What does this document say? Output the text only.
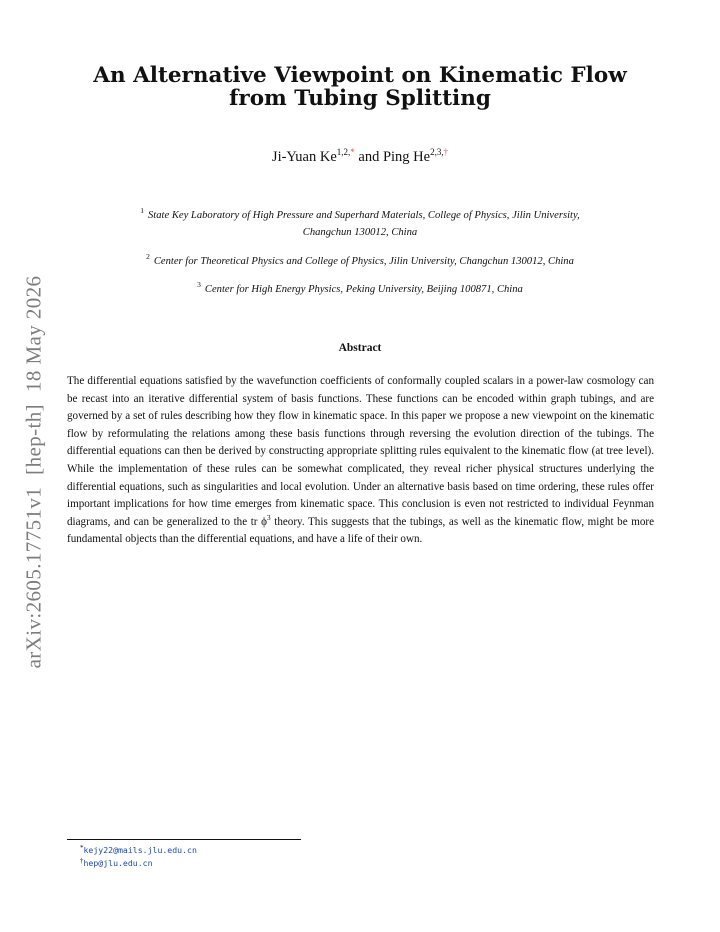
arXiv:2605.17751v1[hep-th]18 May 2026
An Alternative Viewpoint on Kinematic Flow
from Tubing Splitting
Ji-Yuan $Ke^{1,2,*}$ and Ping $He^{2,3,\dagger}$
$^1$ State Key Laboratory of High Pressure and Superhard Materials, College of Physics, Jilin University,
Changchun 130012, China
$^2$ Center for Theoretical Physics and College of Physics, Jilin University, Changchun 130012, China
$^3$ Center for High Energy Physics, Peking University, Beijing 100871, China
Abstract
The differential equations satisfied by the wavefunction coefficients of conformally coupled scalars in a power-law cosmology can be recast into an iterative differential system of basis functions. These functions can be encoded within graph tubings, and are governed by a set of rules describing how they flow in kinematic space. In this paper we propose a new viewpoint on the kinematic flow by reformulating the relations among these basis functions through reversing the evolution direction of the tubings. The differential equations can then be derived by constructing appropriate splitting rules equivalent to the kinematic flow (at tree level). While the implementation of these rules can be somewhat complicated, they reveal richer physical structures underlying the differential equations, such as singularities and local evolution. Under an alternative basis based on time ordering, these rules offer important implications for how time emerges from kinematic space. This conclusion is even not restricted to individual Feynman diagrams, and can be generalized to the tr $\phi^3$ theory. This suggests that the tubings, as well as the kinematic flow, might be more fundamental objects than the differential equations, and have a life of their own.
*kejy22@mails.jlu.edu.cn
†hep@jlu.edu.cn
